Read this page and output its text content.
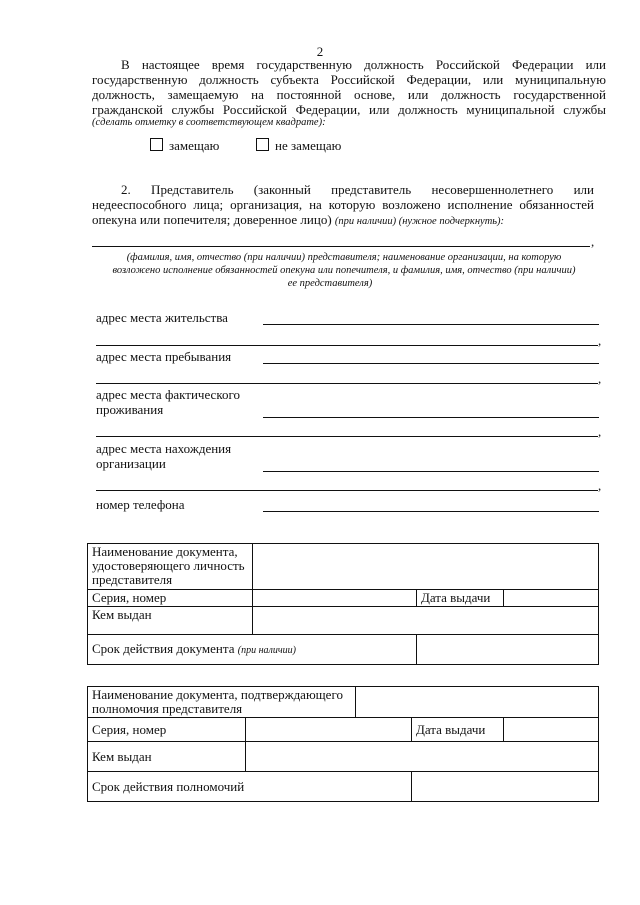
2
В настоящее время государственную должность Российской Федерации или
государственную должность субъекта Российской Федерации, или муниципальную
должность, замещаемую на постоянной основе, или должность государственной
гражданской службы Российской Федерации, или должность муниципальной службы
(сделать отметку в соответствующем квадрате):
замещаю	не замещаю
2. Представитель (законный представитель несовершеннолетнего или
недееспособного лица; организация, на которую возложено исполнение обязанностей
опекуна или попечителя; доверенное лицо) (при наличии) (нужное подчеркнуть):
,
(фамилия, имя, отчество (при наличии) представителя; наименование организации, на которую
возложено исполнение обязанностей опекуна или попечителя, и фамилия, имя, отчество (при наличии)
ее представителя)
адрес места жительства
,
адрес места пребывания
,
адрес места фактического
проживания
,
адрес места нахождения
организации
,
номер телефона
Наименование документа, удостоверяющего личность представителя			
Серия, номер		Дата выдачи	
Кем выдан			
Срок действия документа (при наличии)			
Наименование документа, подтверждающего полномочия представителя				
Серия, номер			Дата выдачи	
Кем выдан				
Срок действия полномочий				
